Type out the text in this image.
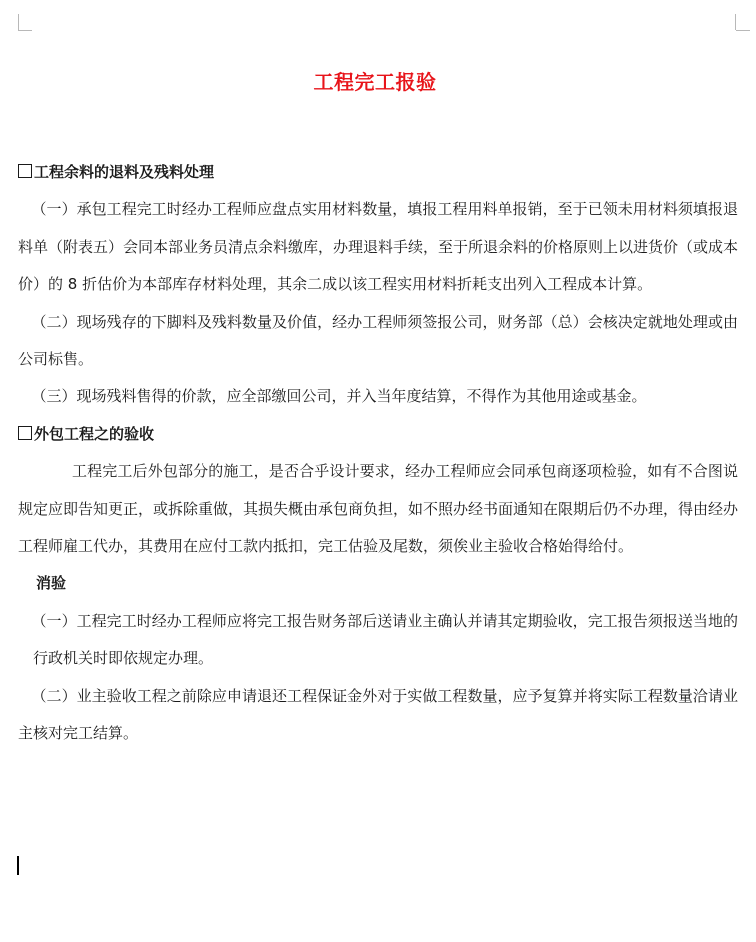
工程完工报验

工程余料的退料及残料处理

（一）承包工程完工时经办工程师应盘点实用材料数量，填报工程用料单报销，至于已领未用材料须填报退料单（附表五）会同本部业务员清点余料缴库，办理退料手续，至于所退余料的价格原则上以进货价（或成本价）的 8 折估价为本部库存材料处理，其余二成以该工程实用材料折耗支出列入工程成本计算。

（二）现场残存的下脚料及残料数量及价值，经办工程师须签报公司，财务部（总）会核决定就地处理或由公司标售。

（三）现场残料售得的价款，应全部缴回公司，并入当年度结算，不得作为其他用途或基金。

外包工程之的验收

工程完工后外包部分的施工，是否合乎设计要求，经办工程师应会同承包商逐项检验，如有不合图说规定应即告知更正，或拆除重做，其损失概由承包商负担，如不照办经书面通知在限期后仍不办理，得由经办工程师雇工代办，其费用在应付工款内抵扣，完工估验及尾数，须俟业主验收合格始得给付。

消验

（一）工程完工时经办工程师应将完工报告财务部后送请业主确认并请其定期验收，完工报告须报送当地的行政机关时即依规定办理。

（二）业主验收工程之前除应申请退还工程保证金外对于实做工程数量，应予复算并将实际工程数量洽请业主核对完工结算。
